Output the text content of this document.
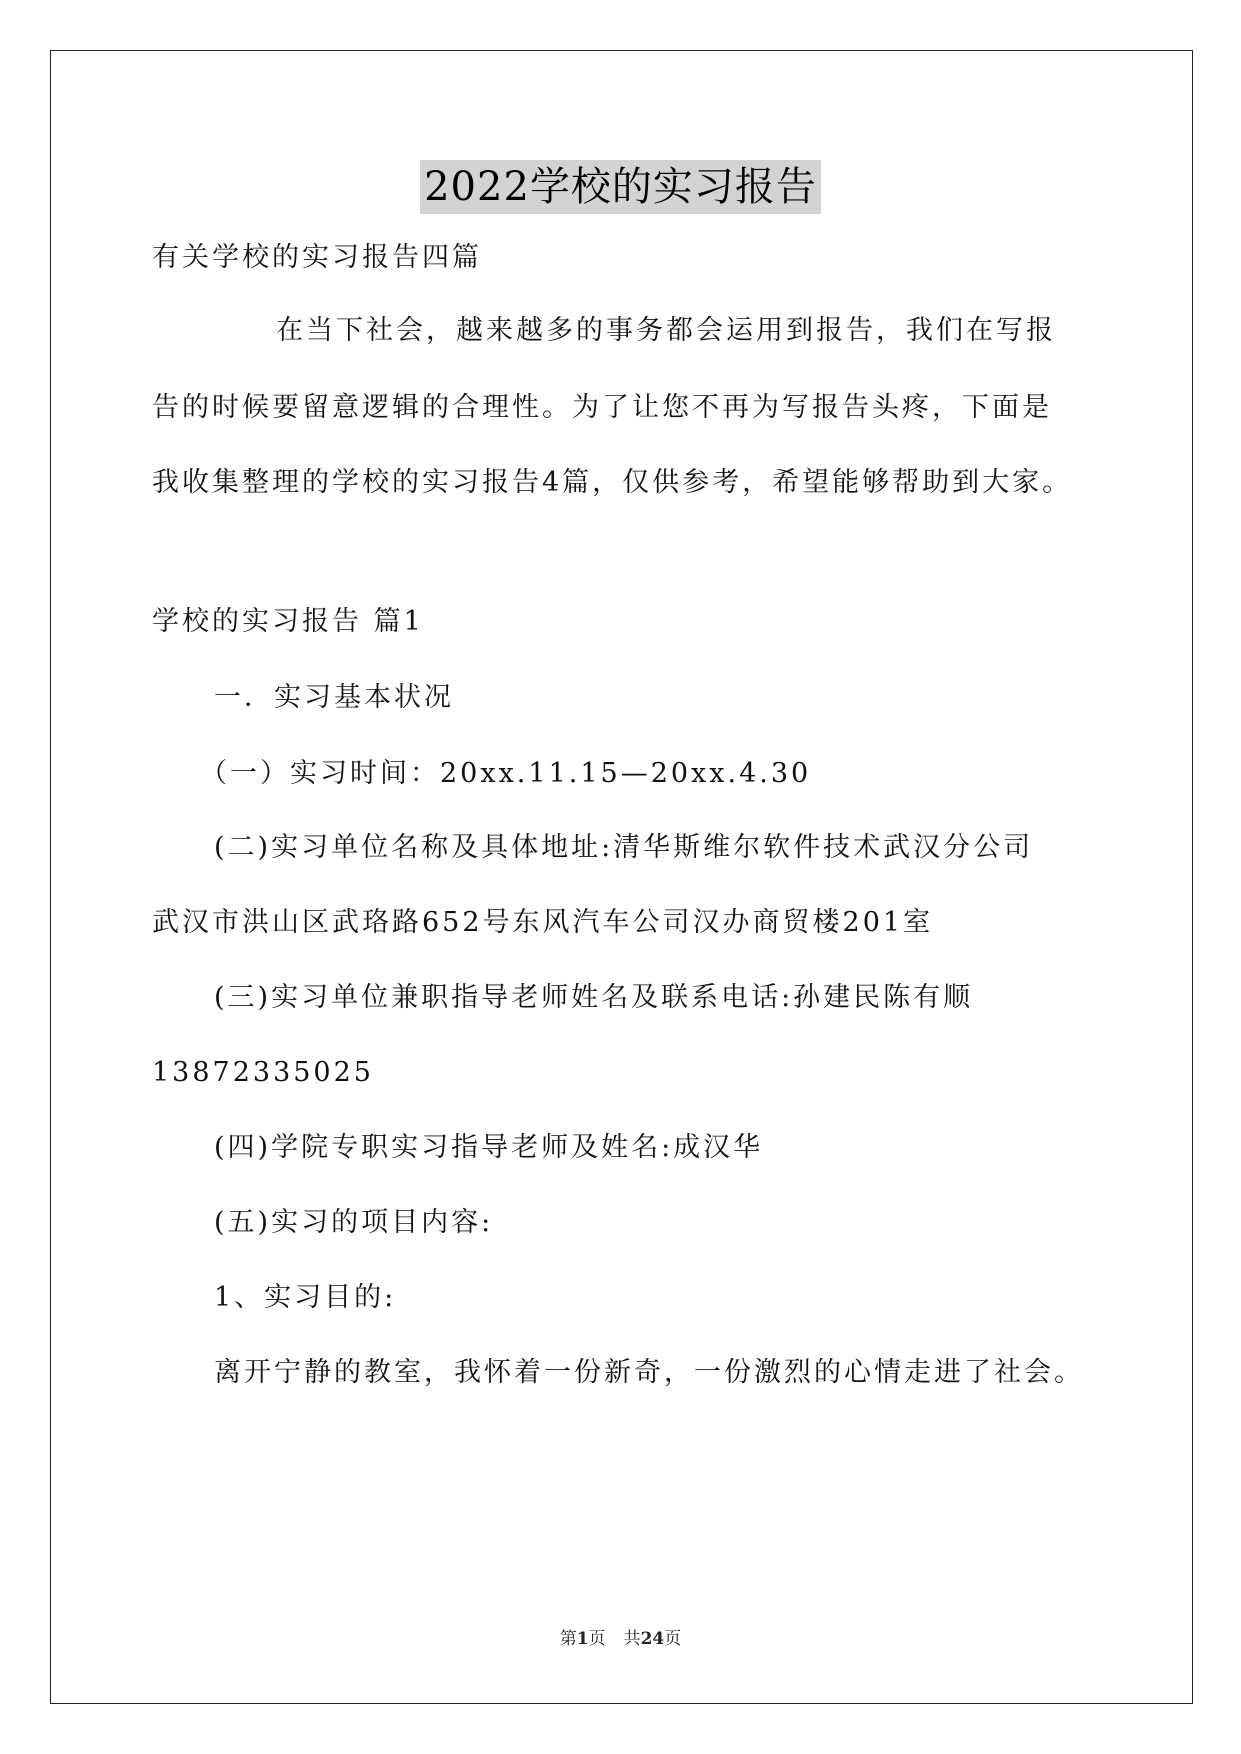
2022学校的实习报告
有关学校的实习报告四篇
在当下社会，越来越多的事务都会运用到报告，我们在写报
告的时候要留意逻辑的合理性。为了让您不再为写报告头疼，下面是
我收集整理的学校的实习报告4篇，仅供参考，希望能够帮助到大家。
学校的实习报告 篇1
一．实习基本状况
（一）实习时间：20xx.11.15—20xx.4.30
(二)实习单位名称及具体地址:清华斯维尔软件技术武汉分公司
武汉市洪山区武珞路652号东风汽车公司汉办商贸楼201室
(三)实习单位兼职指导老师姓名及联系电话:孙建民陈有顺
13872335025
(四)学院专职实习指导老师及姓名:成汉华
(五)实习的项目内容:
1、实习目的:
离开宁静的教室，我怀着一份新奇，一份激烈的心情走进了社会。
第1页 共24页
